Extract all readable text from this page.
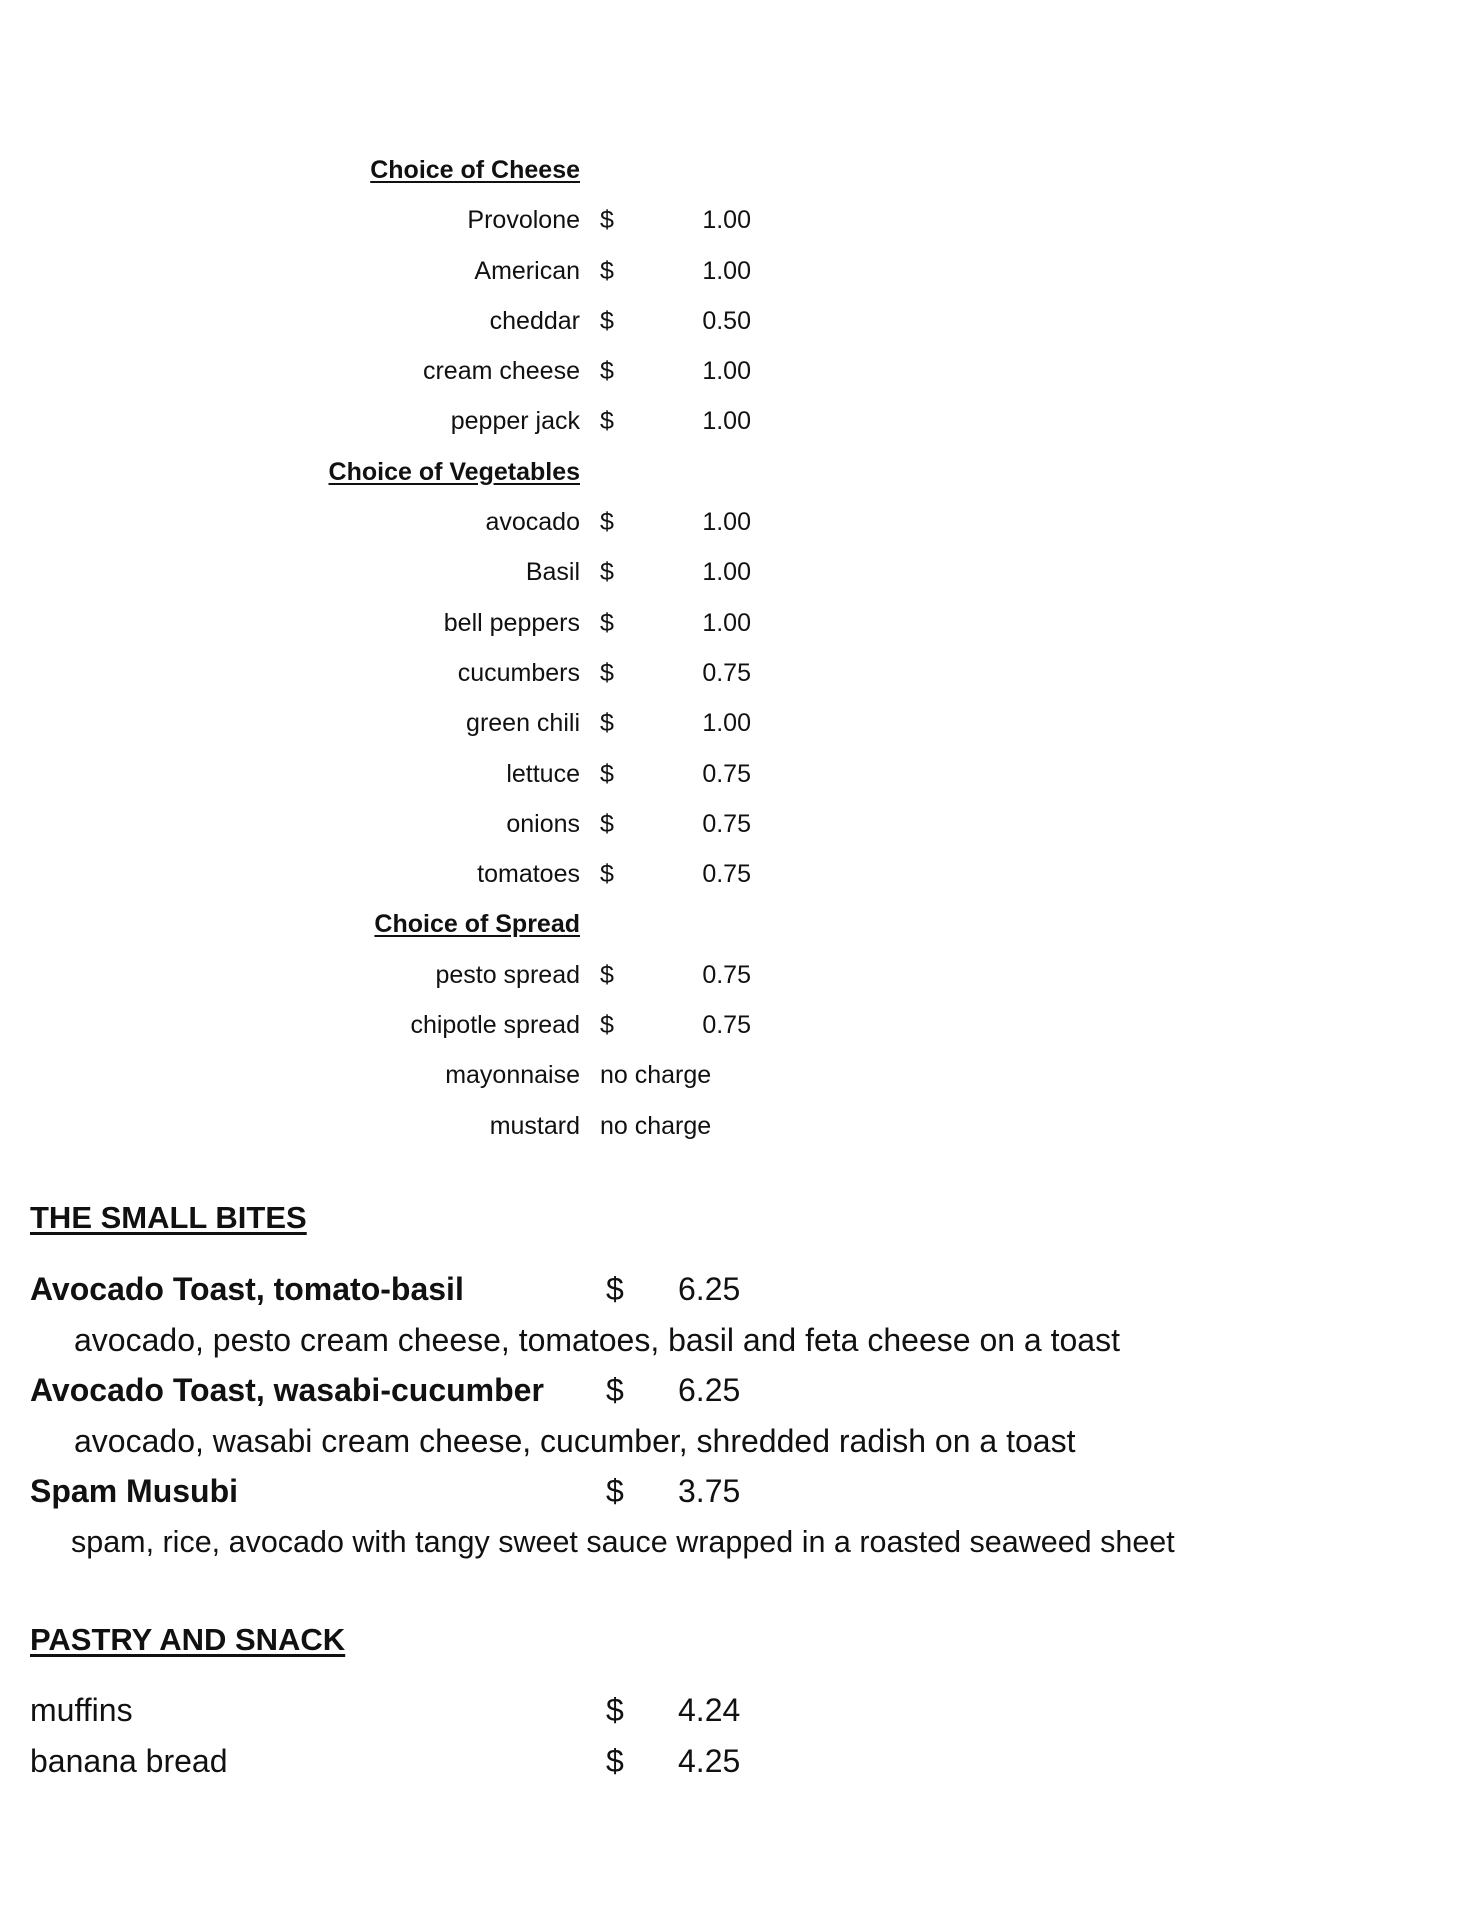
Choice of Cheese
Provolone $	1.00
American $	1.00
cheddar $	0.50
cream cheese $	1.00
pepper jack $	1.00
Choice of Vegetables
avocado $	1.00
Basil $	1.00
bell peppers $	1.00
cucumbers $	0.75
green chili $	1.00
lettuce $	0.75
onions $	0.75
tomatoes $	0.75
Choice of Spread
pesto spread $	0.75
chipotle spread $	0.75
mayonnaise no charge
mustard no charge
THE SMALL BITES
Avocado Toast, tomato-basil	$ 6.25
avocado, pesto cream cheese, tomatoes, basil and feta cheese on a toast
Avocado Toast, wasabi-cucumber $ 6.25
avocado, wasabi cream cheese, cucumber, shredded radish on a toast
Spam Musubi	$ 3.75
spam, rice, avocado with tangy sweet sauce wrapped in a roasted seaweed sheet
PASTRY AND SNACK
muffins	$ 4.24
banana bread	$ 4.25
